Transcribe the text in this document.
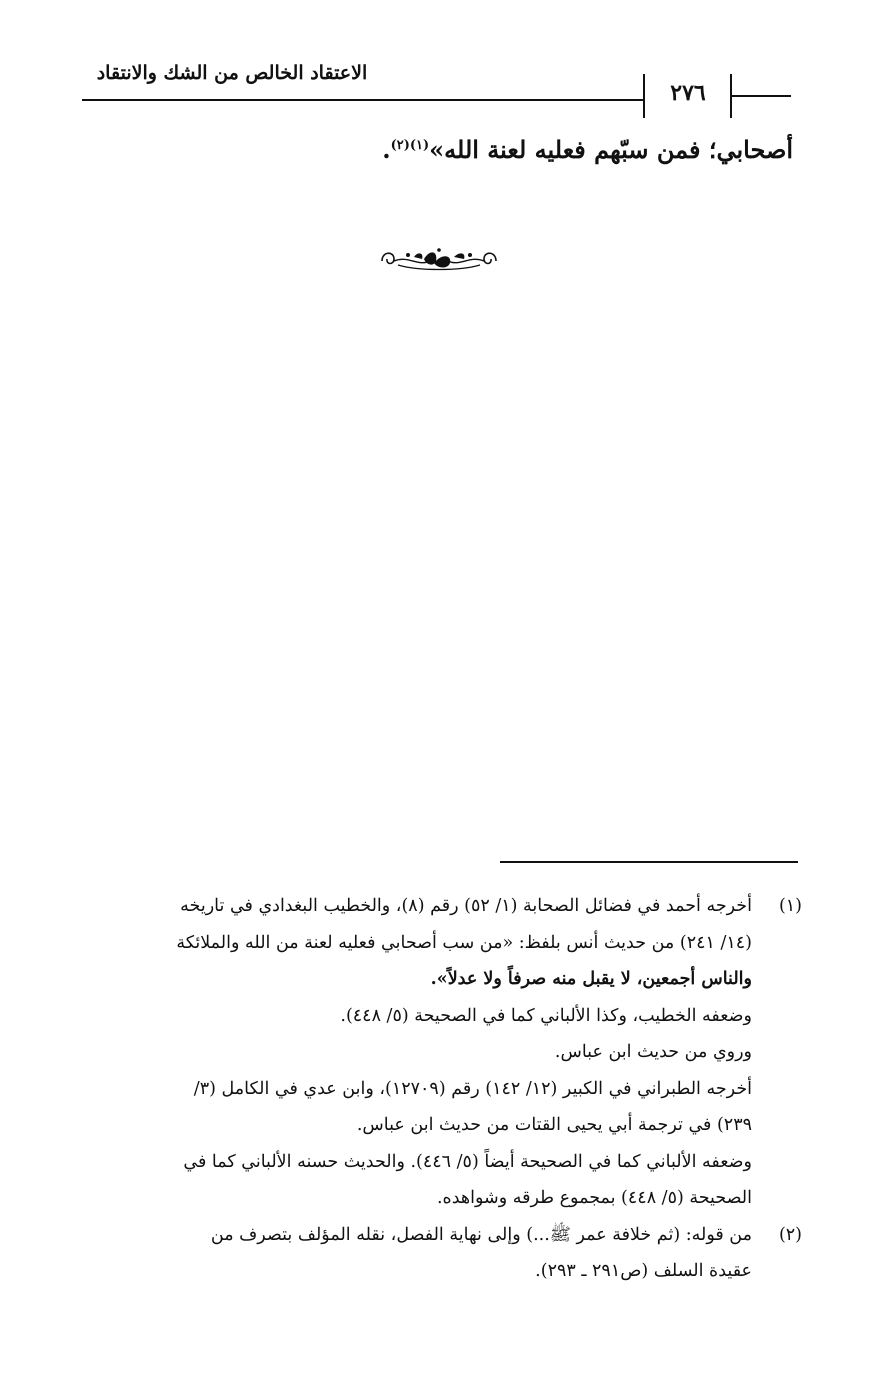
الاعتقاد الخالص من الشك والانتقاد
٢٧٦
أصحابي؛ فمن سبّهم فعليه لعنة الله»$^{(١)(٢)}$.
(١)
أخرجه أحمد في فضائل الصحابة (١/ ٥٢) رقم (٨)، والخطيب البغدادي في تاريخه
(١٤/ ٢٤١) من حديث أنس بلفظ: «من سب أصحابي فعليه لعنة من الله والملائكة
والناس أجمعين، لا يقبل منه صرفاً ولا عدلاً».
وضعفه الخطيب، وكذا الألباني كما في الصحيحة (٥/ ٤٤٨).
وروي من حديث ابن عباس.
أخرجه الطبراني في الكبير (١٢/ ١٤٢) رقم (١٢٧٠٩)، وابن عدي في الكامل (٣/
٢٣٩) في ترجمة أبي يحيى القتات من حديث ابن عباس.
وضعفه الألباني كما في الصحيحة أيضاً (٥/ ٤٤٦). والحديث حسنه الألباني كما في
الصحيحة (٥/ ٤٤٨) بمجموع طرقه وشواهده.
(٢)
من قوله: (ثم خلافة عمر ﷺ...) وإلى نهاية الفصل، نقله المؤلف بتصرف من
عقيدة السلف (ص٢٩١ ـ ٢٩٣).
